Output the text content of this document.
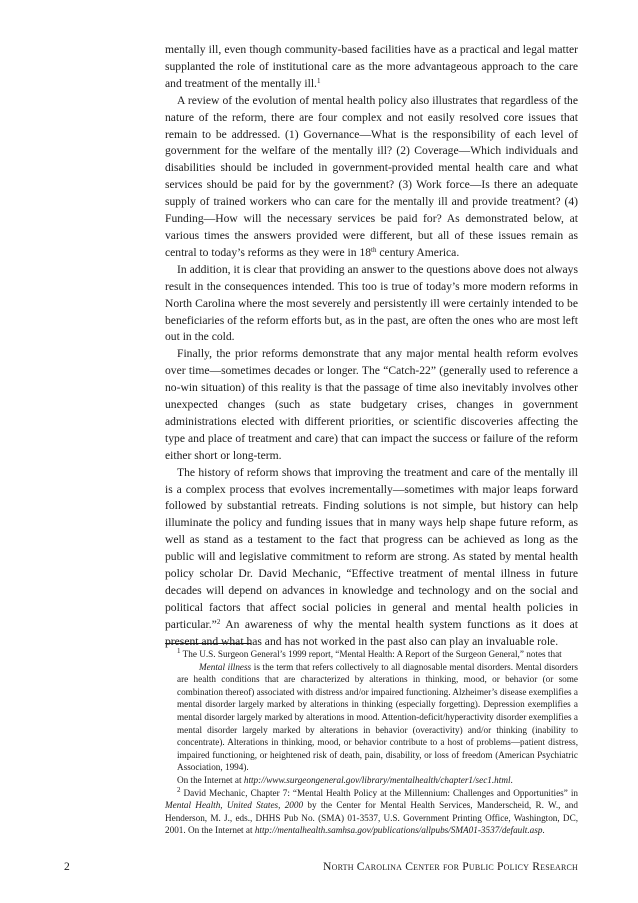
mentally ill, even though community-based facilities have as a practical and legal matter supplanted the role of institutional care as the more advantageous approach to the care and treatment of the mentally ill.$^1$

A review of the evolution of mental health policy also illustrates that regardless of the nature of the reform, there are four complex and not easily resolved core issues that remain to be addressed. (1) Governance—What is the responsibility of each level of government for the welfare of the mentally ill? (2) Coverage—Which individuals and disabilities should be included in government-provided mental health care and what services should be paid for by the government? (3) Work force—Is there an adequate supply of trained workers who can care for the mentally ill and provide treatment? (4) Funding—How will the necessary services be paid for? As demonstrated below, at various times the answers provided were different, but all of these issues remain as central to today’s reforms as they were in 18th century America.

In addition, it is clear that providing an answer to the questions above does not always result in the consequences intended. This too is true of today’s more modern reforms in North Carolina where the most severely and persistently ill were certainly intended to be beneficiaries of the reform efforts but, as in the past, are often the ones who are most left out in the cold.

Finally, the prior reforms demonstrate that any major mental health reform evolves over time—sometimes decades or longer. The “Catch-22” (generally used to reference a no-win situation) of this reality is that the passage of time also inevitably involves other unexpected changes (such as state budgetary crises, changes in government administrations elected with different priorities, or scientific discoveries affecting the type and place of treatment and care) that can impact the success or failure of the reform either short or long-term.

The history of reform shows that improving the treatment and care of the mentally ill is a complex process that evolves incrementally—sometimes with major leaps forward followed by substantial retreats. Finding solutions is not simple, but history can help illuminate the policy and funding issues that in many ways help shape future reform, as well as stand as a testament to the fact that progress can be achieved as long as the public will and legislative commitment to reform are strong. As stated by mental health policy scholar Dr. David Mechanic, “Effective treatment of mental illness in future decades will depend on advances in knowledge and technology and on the social and political factors that affect social policies in general and mental health policies in particular.”$^2$ An awareness of why the mental health system functions as it does at present and what has and has not worked in the past also can play an invaluable role.

$^1$ The U.S. Surgeon General’s 1999 report, “Mental Health: A Report of the Surgeon General,” notes that

Mental illness is the term that refers collectively to all diagnosable mental disorders. Mental disorders are health conditions that are characterized by alterations in thinking, mood, or behavior (or some combination thereof) associated with distress and/or impaired functioning. Alzheimer’s disease exemplifies a mental disorder largely marked by alterations in thinking (especially forgetting). Depression exemplifies a mental disorder largely marked by alterations in mood. Attention-deficit/hyperactivity disorder exemplifies a mental disorder largely marked by alterations in behavior (overactivity) and/or thinking (inability to concentrate). Alterations in thinking, mood, or behavior contribute to a host of problems—patient distress, impaired functioning, or heightened risk of death, pain, disability, or loss of freedom (American Psychiatric Association, 1994).
On the Internet at http://www.surgeongeneral.gov/library/mentalhealth/chapter1/sec1.html.

$^2$ David Mechanic, Chapter 7: “Mental Health Policy at the Millennium: Challenges and Opportunities” in Mental Health, United States, 2000 by the Center for Mental Health Services, Manderscheid, R. W., and Henderson, M. J., eds., DHHS Pub No. (SMA) 01-3537, U.S. Government Printing Office, Washington, DC, 2001. On the Internet at http://mentalhealth.samhsa.gov/publications/allpubs/SMA01-3537/default.asp.

2	North Carolina Center for Public Policy Research
